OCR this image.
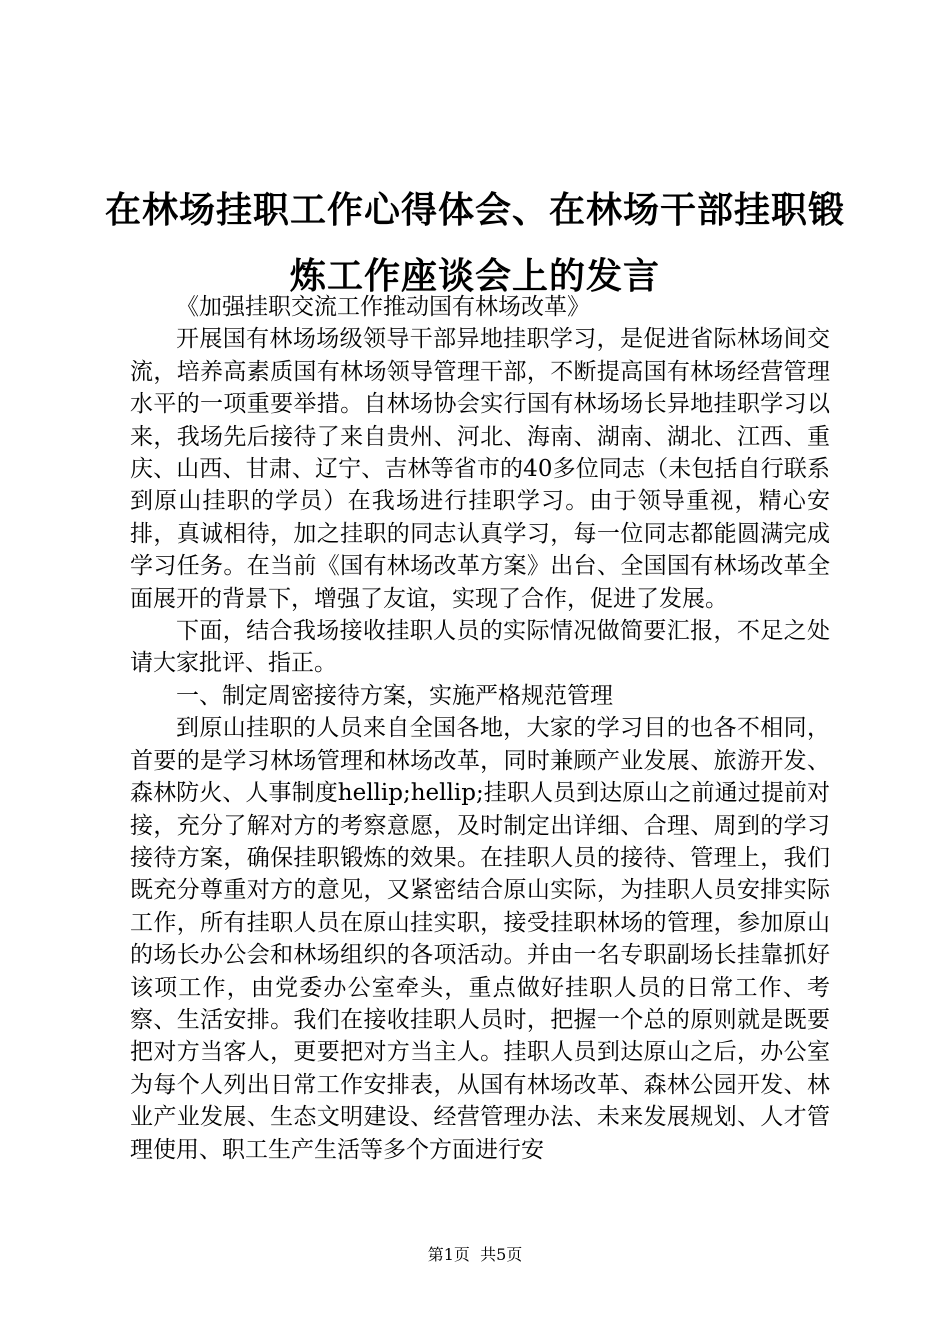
在林场挂职工作心得体会、在林场干部挂职锻
炼工作座谈会上的发言

《加强挂职交流工作推动国有林场改革》

开展国有林场场级领导干部异地挂职学习，是促进省际林场间交流，培养高素质国有林场领导管理干部，不断提高国有林场经营管理水平的一项重要举措。自林场协会实行国有林场场长异地挂职学习以来，我场先后接待了来自贵州、河北、海南、湖南、湖北、江西、重庆、山西、甘肃、辽宁、吉林等省市的40多位同志（未包括自行联系到原山挂职的学员）在我场进行挂职学习。由于领导重视，精心安排，真诚相待，加之挂职的同志认真学习，每一位同志都能圆满完成学习任务。在当前《国有林场改革方案》出台、全国国有林场改革全面展开的背景下，增强了友谊，实现了合作，促进了发展。

下面，结合我场接收挂职人员的实际情况做简要汇报，不足之处请大家批评、指正。

一、制定周密接待方案，实施严格规范管理

到原山挂职的人员来自全国各地，大家的学习目的也各不相同，首要的是学习林场管理和林场改革，同时兼顾产业发展、旅游开发、森林防火、人事制度hellip;hellip;挂职人员到达原山之前通过提前对接，充分了解对方的考察意愿，及时制定出详细、合理、周到的学习接待方案，确保挂职锻炼的效果。在挂职人员的接待、管理上，我们既充分尊重对方的意见，又紧密结合原山实际，为挂职人员安排实际工作，所有挂职人员在原山挂实职，接受挂职林场的管理，参加原山的场长办公会和林场组织的各项活动。并由一名专职副场长挂靠抓好该项工作，由党委办公室牵头，重点做好挂职人员的日常工作、考察、生活安排。我们在接收挂职人员时，把握一个总的原则就是既要把对方当客人，更要把对方当主人。挂职人员到达原山之后，办公室为每个人列出日常工作安排表，从国有林场改革、森林公园开发、林业产业发展、生态文明建设、经营管理办法、未来发展规划、人才管理使用、职工生产生活等多个方面进行安

第1页  共5页
